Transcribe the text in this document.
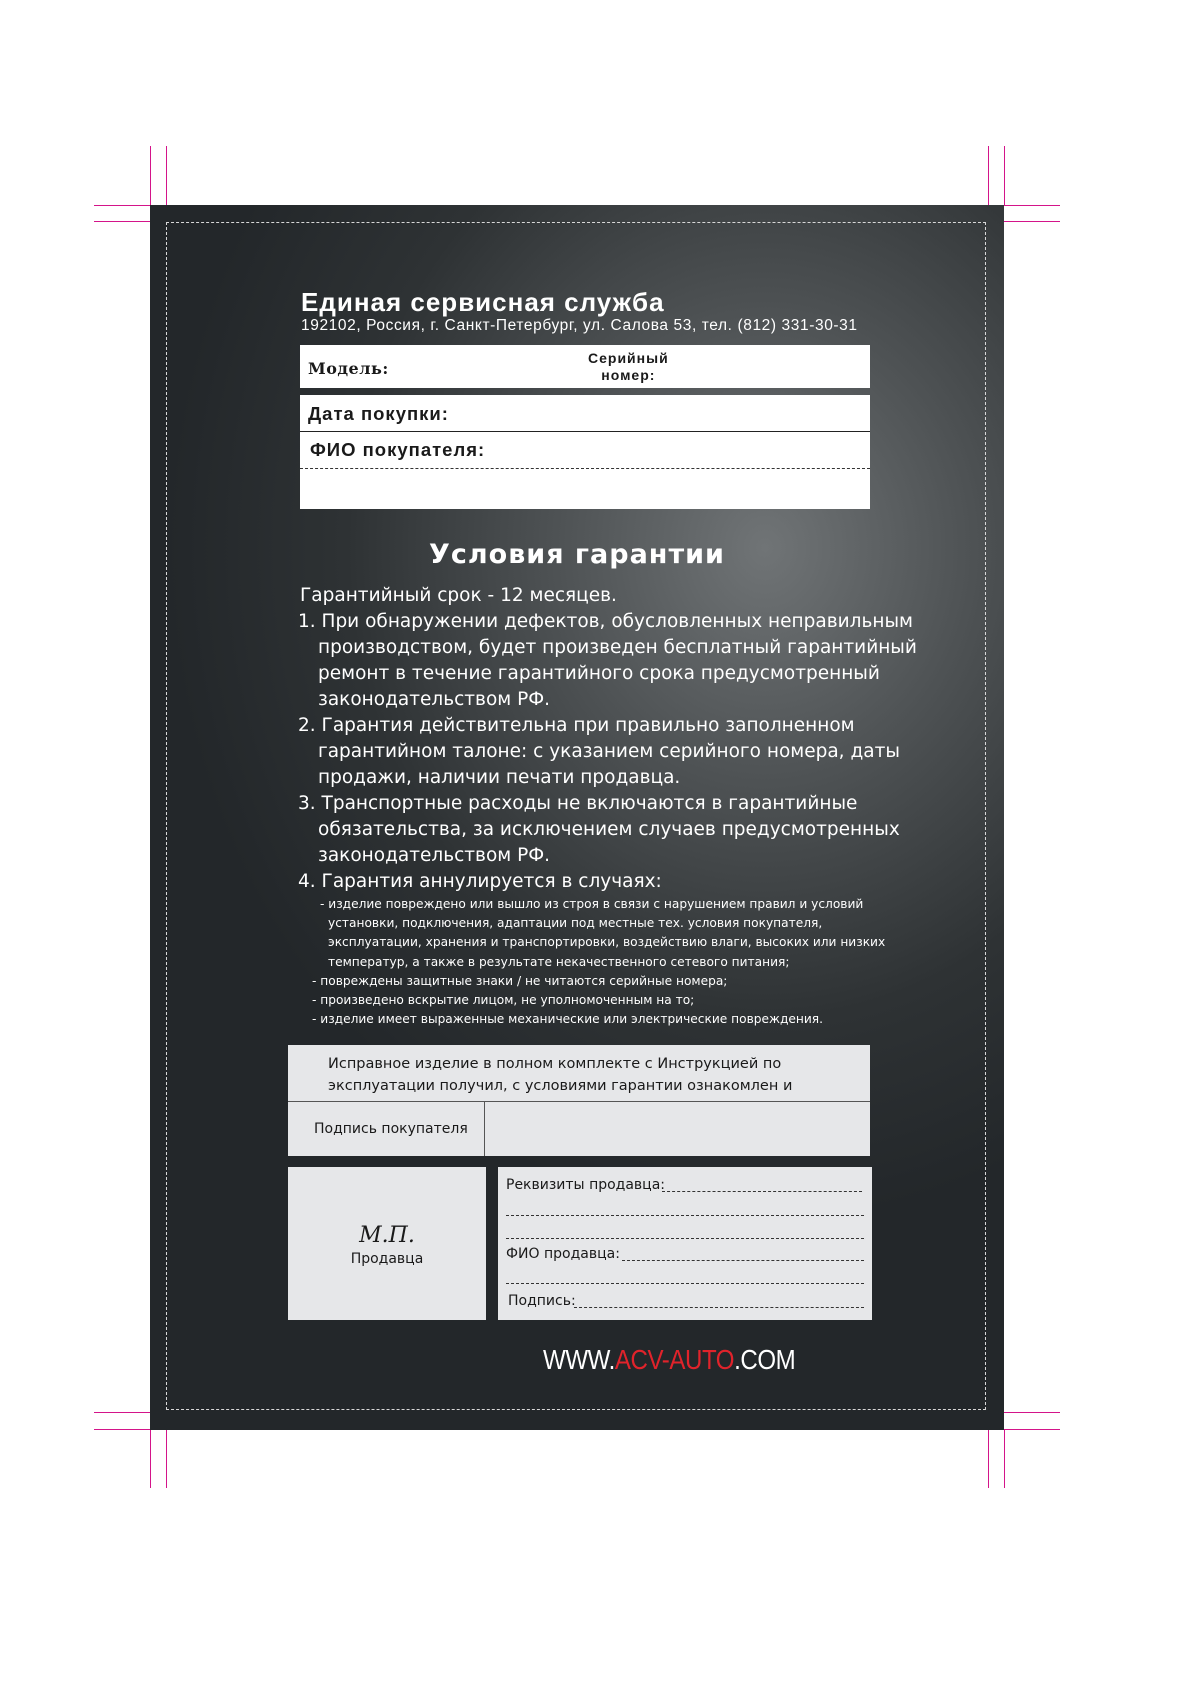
Единая сервисная служба
192102, Россия, г. Санкт-Петербург, ул. Салова 53, тел. (812) 331-30-31
Модель:
Серийный
номер:
Дата покупки:
ФИО покупателя:
Условия гарантии
Гарантийный срок - 12 месяцев.
1. При обнаружении дефектов, обусловленных неправильным производством, будет произведен бесплатный гарантийный ремонт в течение гарантийного срока предусмотренный законодательством РФ.
2. Гарантия действительна при правильно заполненном гарантийном талоне: с указанием серийного номера, даты продажи, наличии печати продавца.
3. Транспортные расходы не включаются в гарантийные обязательства, за исключением случаев предусмотренных законодательством РФ.
4. Гарантия аннулируется в случаях:
- изделие повреждено или вышло из строя в связи с нарушением правил и условий установки, подключения, адаптации под местные тех. условия покупателя, эксплуатации, хранения и транспортировки, воздействию влаги, высоких или низких температур, а также в результате некачественного сетевого питания;
- повреждены защитные знаки / не читаются серийные номера;
- произведено вскрытие лицом, не уполномоченным на то;
- изделие имеет выраженные механические или электрические повреждения.
Исправное изделие в полном комплекте с Инструкцией по эксплуатации получил, с условиями гарантии ознакомлен и
Подпись покупателя
М.П.
Продавца
Реквизиты продавца:
ФИО продавца:
Подпись:
WWW.ACV-AUTO.COM
